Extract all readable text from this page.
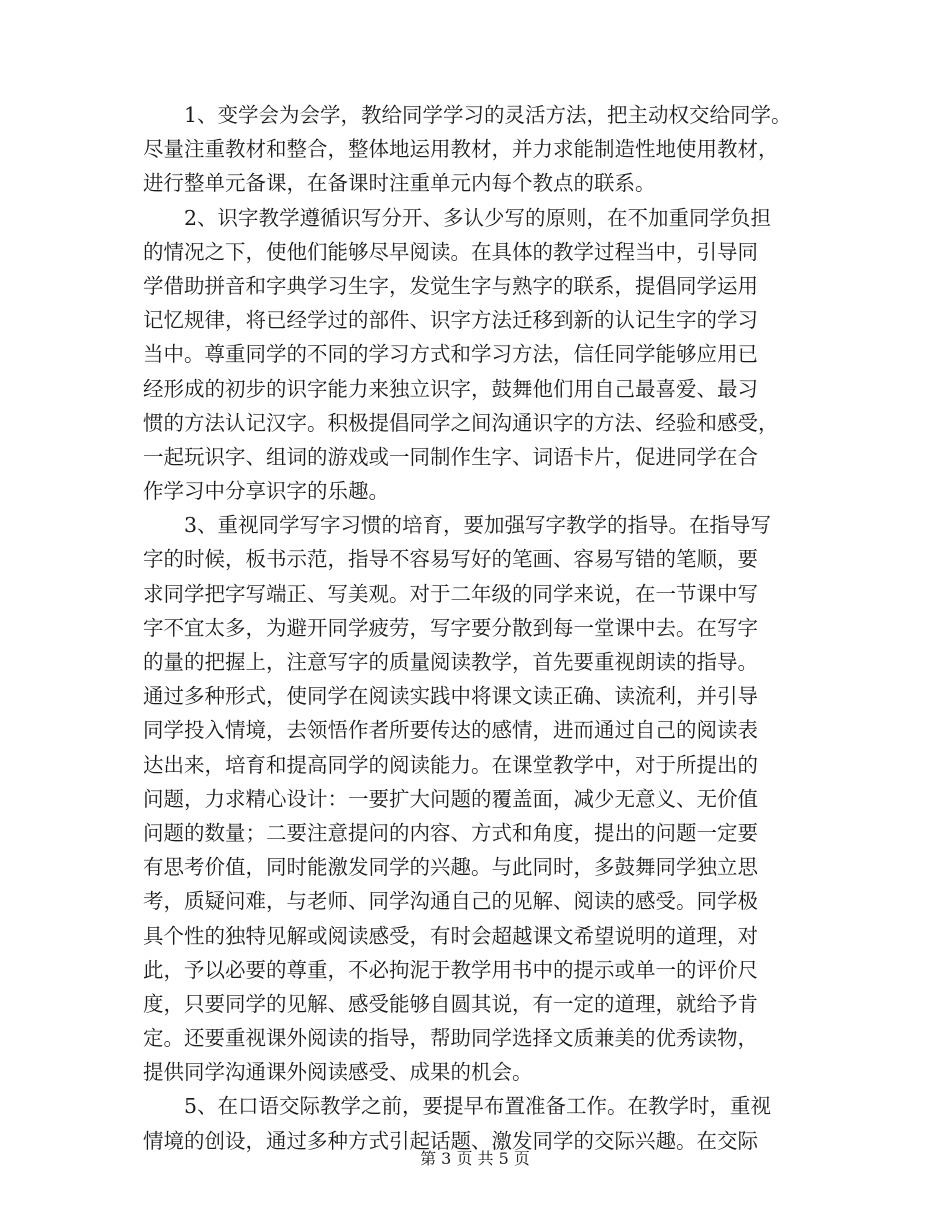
　　1、变学会为会学，教给同学学习的灵活方法，把主动权交给同学。
尽量注重教材和整合，整体地运用教材，并力求能制造性地使用教材，
进行整单元备课，在备课时注重单元内每个教点的联系。
　　2、识字教学遵循识写分开、多认少写的原则，在不加重同学负担
的情况之下，使他们能够尽早阅读。在具体的教学过程当中，引导同
学借助拼音和字典学习生字，发觉生字与熟字的联系，提倡同学运用
记忆规律，将已经学过的部件、识字方法迁移到新的认记生字的学习
当中。尊重同学的不同的学习方式和学习方法，信任同学能够应用已
经形成的初步的识字能力来独立识字，鼓舞他们用自己最喜爱、最习
惯的方法认记汉字。积极提倡同学之间沟通识字的方法、经验和感受，
一起玩识字、组词的游戏或一同制作生字、词语卡片，促进同学在合
作学习中分享识字的乐趣。
　　3、重视同学写字习惯的培育，要加强写字教学的指导。在指导写
字的时候，板书示范，指导不容易写好的笔画、容易写错的笔顺，要
求同学把字写端正、写美观。对于二年级的同学来说，在一节课中写
字不宜太多，为避开同学疲劳，写字要分散到每一堂课中去。在写字
的量的把握上，注意写字的质量阅读教学，首先要重视朗读的指导。
通过多种形式，使同学在阅读实践中将课文读正确、读流利，并引导
同学投入情境，去领悟作者所要传达的感情，进而通过自己的阅读表
达出来，培育和提高同学的阅读能力。在课堂教学中，对于所提出的
问题，力求精心设计：一要扩大问题的覆盖面，减少无意义、无价值
问题的数量；二要注意提问的内容、方式和角度，提出的问题一定要
有思考价值，同时能激发同学的兴趣。与此同时，多鼓舞同学独立思
考，质疑问难，与老师、同学沟通自己的见解、阅读的感受。同学极
具个性的独特见解或阅读感受，有时会超越课文希望说明的道理，对
此，予以必要的尊重，不必拘泥于教学用书中的提示或单一的评价尺
度，只要同学的见解、感受能够自圆其说，有一定的道理，就给予肯
定。还要重视课外阅读的指导，帮助同学选择文质兼美的优秀读物，
提供同学沟通课外阅读感受、成果的机会。
　　5、在口语交际教学之前，要提早布置准备工作。在教学时，重视
情境的创设，通过多种方式引起话题、激发同学的交际兴趣。在交际
第 3 页 共 5 页
